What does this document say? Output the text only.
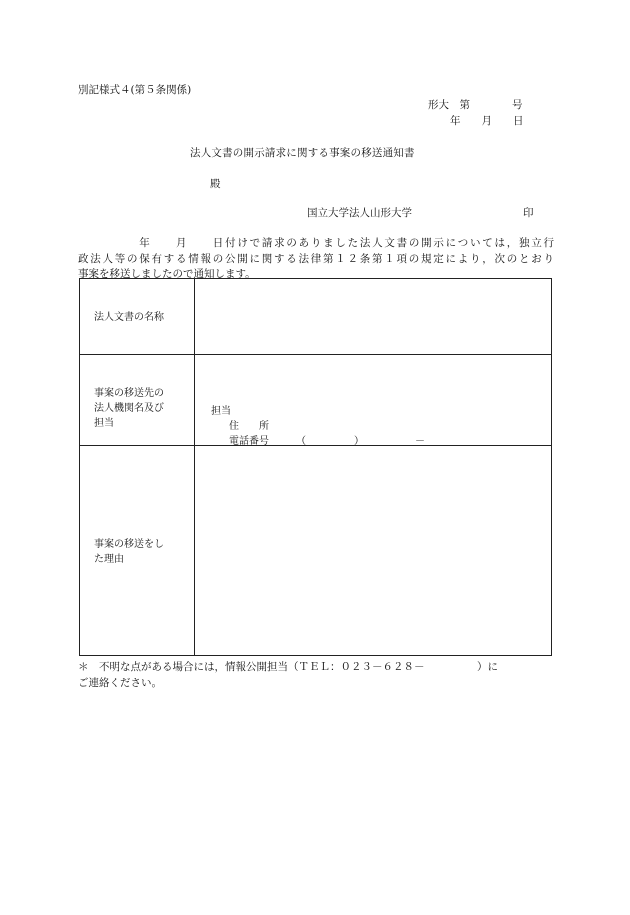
別記様式４(第５条関係)
形大　第　　　　号
年　　月　　日
法人文書の開示請求に関する事案の移送通知書
殿
国立大学法人山形大学	印
　　　　　年　　月　　日付けで請求のありました法人文書の開示については，独立行
政法人等の保有する情報の公開に関する法律第１２条第１項の規定により，次のとおり
事案を移送しましたので通知します。
法人文書の名称
事案の移送先の
法人機関名及び
担当
担当
住　　所
電話番号	（	）	－
事案の移送をし
た理由
＊　不明な点がある場合には，情報公開担当（ＴＥＬ：０２３－６２８－　　　　　）に
ご連絡ください。
